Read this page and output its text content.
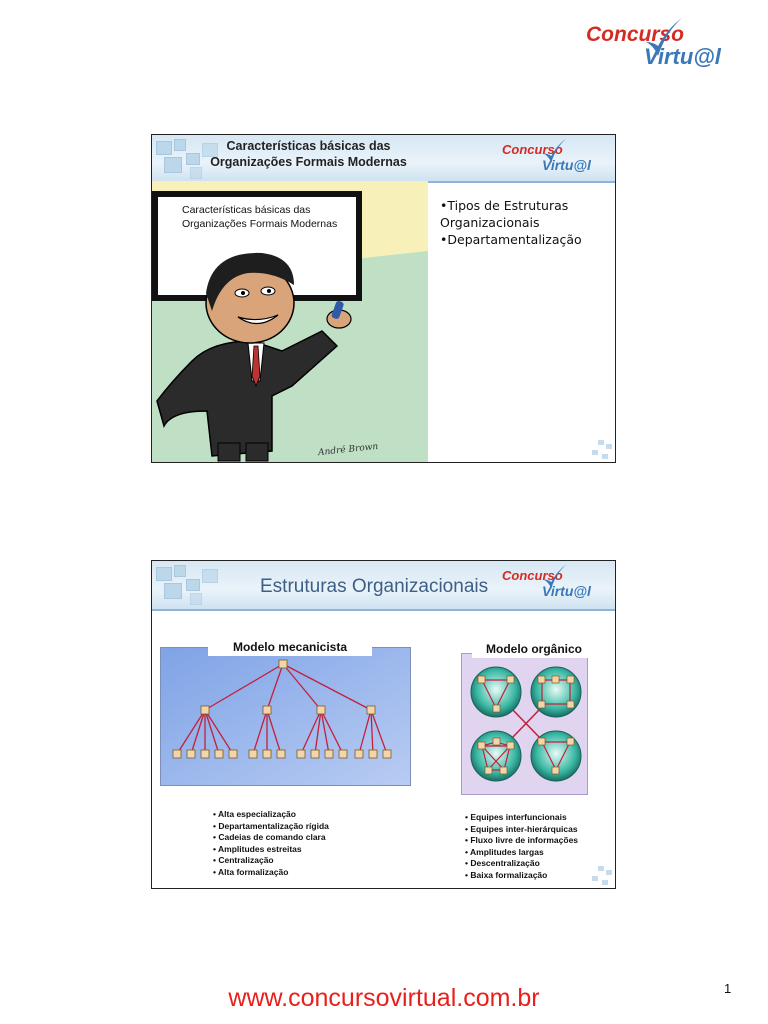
Concurso
Virtu@l
Características básicas das
Organizações Formais Modernas
Concurso
Virtu@l
Características básicas das
Organizações Formais Modernas
André Brown
•Tipos de Estruturas
Organizacionais
•Departamentalização
Estruturas Organizacionais
Concurso
Virtu@l
Modelo mecanicista	Modelo orgânico
• Alta especialização
• Departamentalização rígida
• Cadeias de comando clara
• Amplitudes estreitas
• Centralização
• Alta formalização
• Equipes interfuncionais
• Equipes inter-hierárquicas
• Fluxo livre de informações
• Amplitudes largas
• Descentralização
• Baixa formalização
www.concursovirtual.com.br	1
